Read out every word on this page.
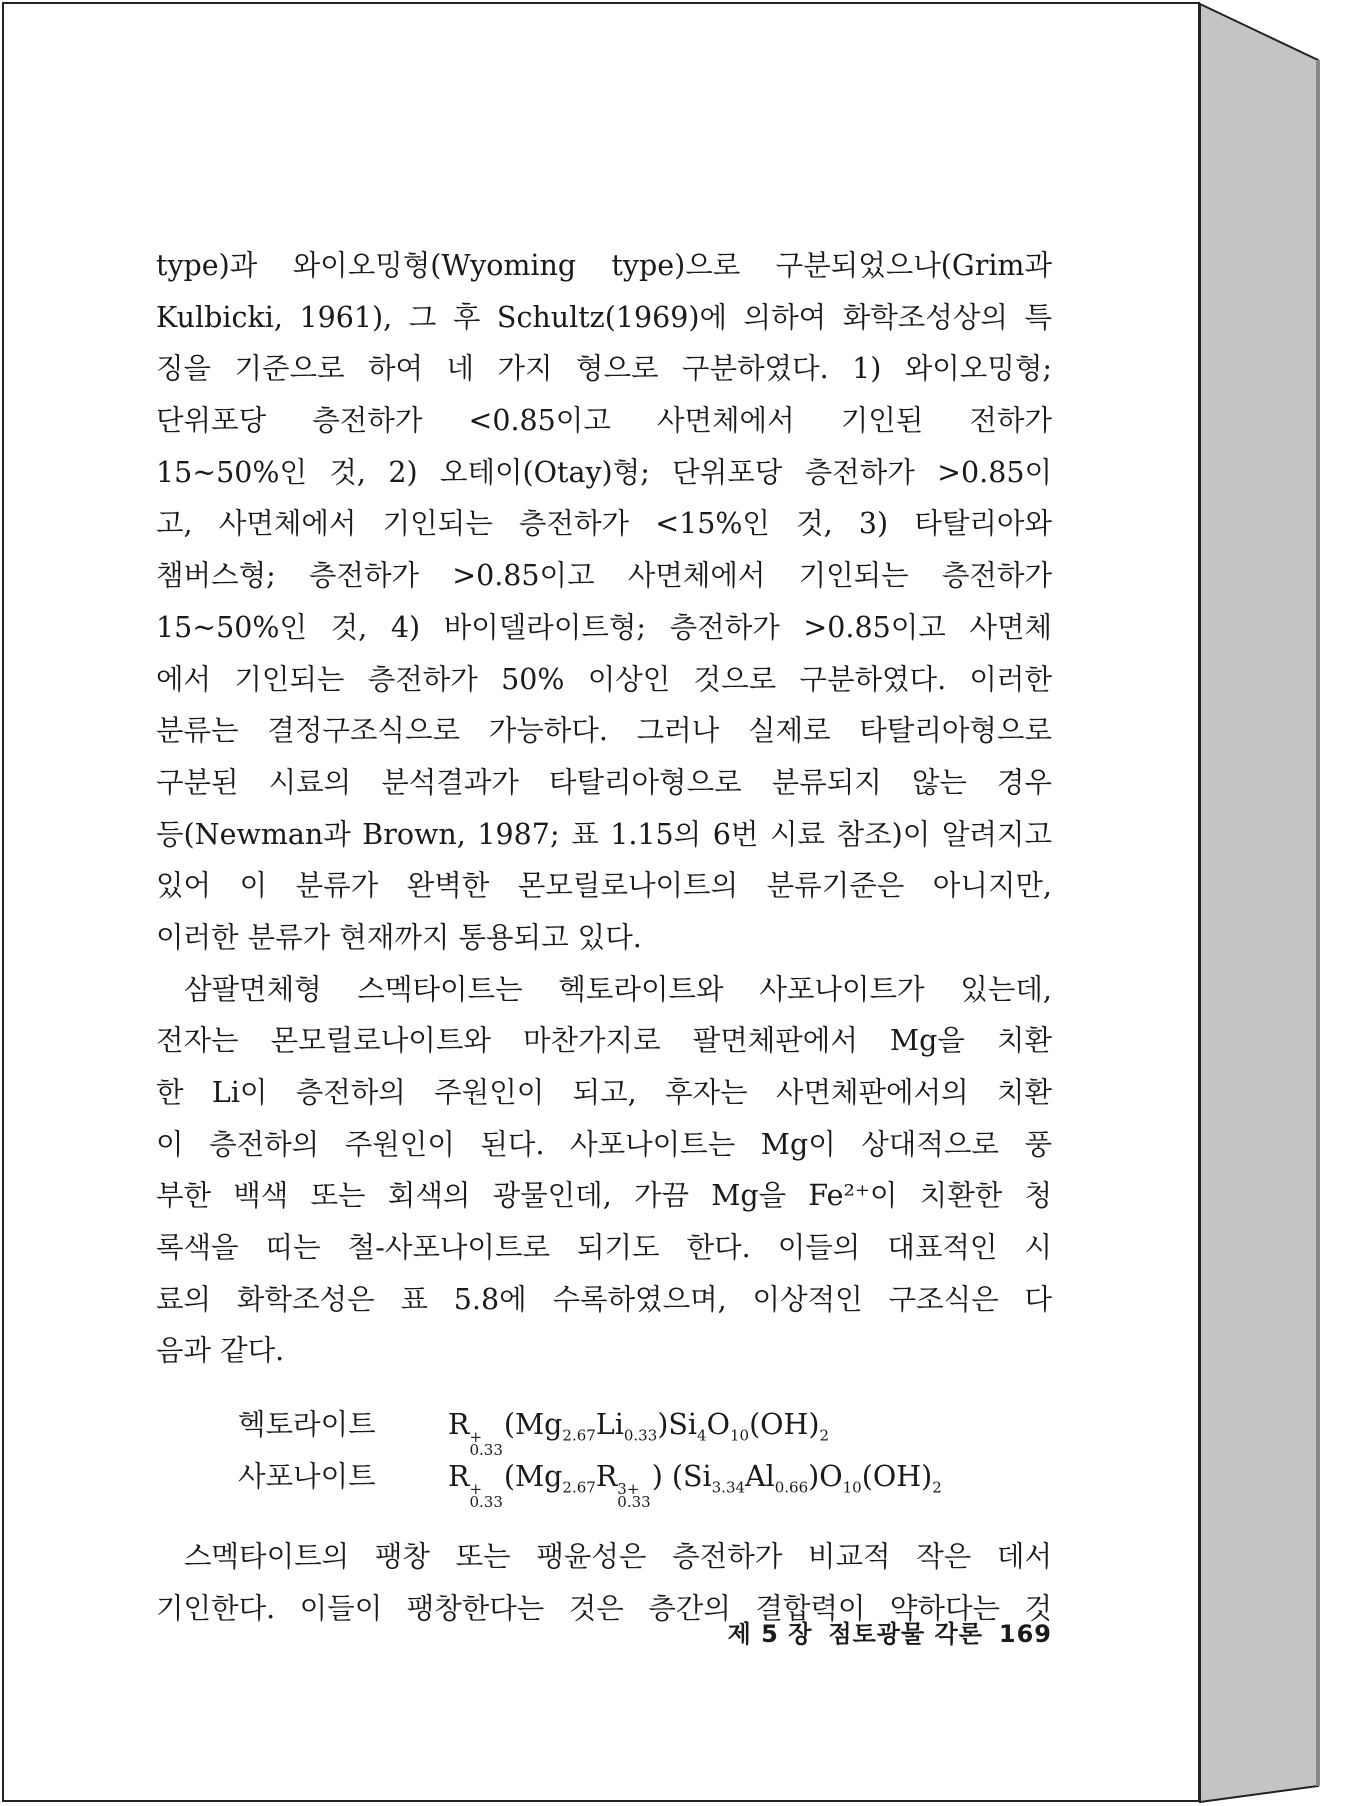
type)과 와이오밍형(Wyoming type)으로 구분되었으나(Grim과
Kulbicki, 1961), 그 후 Schultz(1969)에 의하여 화학조성상의 특
징을 기준으로 하여 네 가지 형으로 구분하였다. 1) 와이오밍형;
단위포당 층전하가 <0.85이고 사면체에서 기인된 전하가
15~50%인 것, 2) 오테이(Otay)형; 단위포당 층전하가 >0.85이
고, 사면체에서 기인되는 층전하가 <15%인 것, 3) 타탈리아와
챔버스형; 층전하가 >0.85이고 사면체에서 기인되는 층전하가
15~50%인 것, 4) 바이델라이트형; 층전하가 >0.85이고 사면체
에서 기인되는 층전하가 50% 이상인 것으로 구분하였다. 이러한
분류는 결정구조식으로 가능하다. 그러나 실제로 타탈리아형으로
구분된 시료의 분석결과가 타탈리아형으로 분류되지 않는 경우
등(Newman과 Brown, 1987; 표 1.15의 6번 시료 참조)이 알려지고
있어 이 분류가 완벽한 몬모릴로나이트의 분류기준은 아니지만,
이러한 분류가 현재까지 통용되고 있다.
삼팔면체형 스멕타이트는 헥토라이트와 사포나이트가 있는데,
전자는 몬모릴로나이트와 마찬가지로 팔면체판에서 Mg을 치환
한 Li이 층전하의 주원인이 되고, 후자는 사면체판에서의 치환
이 층전하의 주원인이 된다. 사포나이트는 Mg이 상대적으로 풍
부한 백색 또는 회색의 광물인데, 가끔 Mg을 Fe²⁺이 치환한 청
록색을 띠는 철-사포나이트로 되기도 한다. 이들의 대표적인 시
료의 화학조성은 표 5.8에 수록하였으며, 이상적인 구조식은 다
음과 같다.
헥토라이트	R +
0.33
$(Mg_{2.67}Li_{0.33})Si_4O_{10}(OH)_2$
사포나이트	R +
0.33
($Mg_{2.67}R$ 3+
0.33
) $(Si_{3.34}Al_{0.66})O_{10}(OH)_2$
스멕타이트의 팽창 또는 팽윤성은 층전하가 비교적 작은 데서
기인한다. 이들이 팽창한다는 것은 층간의 결합력이 약하다는 것
제 5 장 점토광물 각론 169
